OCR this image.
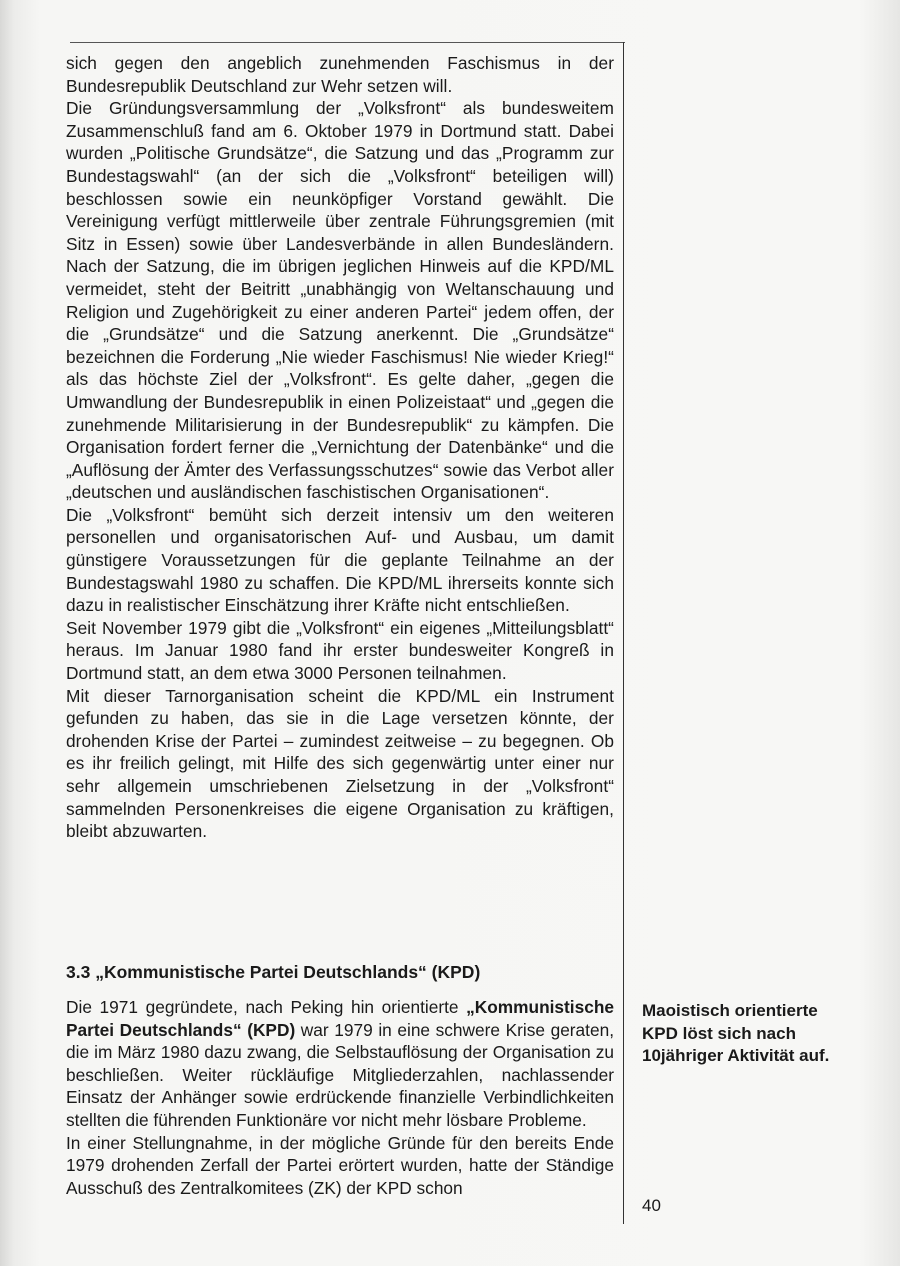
sich gegen den angeblich zunehmenden Faschismus in der Bundesrepublik Deutschland zur Wehr setzen will.

Die Gründungsversammlung der „Volksfront“ als bundesweitem Zusammenschluß fand am 6. Oktober 1979 in Dortmund statt. Dabei wurden „Politische Grundsätze“, die Satzung und das „Programm zur Bundestagswahl“ (an der sich die „Volksfront“ beteiligen will) beschlossen sowie ein neunköpfiger Vorstand gewählt. Die Vereinigung verfügt mittlerweile über zentrale Führungsgremien (mit Sitz in Essen) sowie über Landesverbände in allen Bundesländern. Nach der Satzung, die im übrigen jeglichen Hinweis auf die KPD/ML vermeidet, steht der Beitritt „unabhängig von Weltanschauung und Religion und Zugehörigkeit zu einer anderen Partei“ jedem offen, der die „Grundsätze“ und die Satzung anerkennt. Die „Grundsätze“ bezeichnen die Forderung „Nie wieder Faschismus! Nie wieder Krieg!“ als das höchste Ziel der „Volksfront“. Es gelte daher, „gegen die Umwandlung der Bundesrepublik in einen Polizeistaat“ und „gegen die zunehmende Militarisierung in der Bundesrepublik“ zu kämpfen. Die Organisation fordert ferner die „Vernichtung der Datenbänke“ und die „Auflösung der Ämter des Verfassungsschutzes“ sowie das Verbot aller „deutschen und ausländischen faschistischen Organisationen“.

Die „Volksfront“ bemüht sich derzeit intensiv um den weiteren personellen und organisatorischen Auf- und Ausbau, um damit günstigere Voraussetzungen für die geplante Teilnahme an der Bundestagswahl 1980 zu schaffen. Die KPD/ML ihrerseits konnte sich dazu in realistischer Einschätzung ihrer Kräfte nicht entschließen.

Seit November 1979 gibt die „Volksfront“ ein eigenes „Mitteilungsblatt“ heraus. Im Januar 1980 fand ihr erster bundesweiter Kongreß in Dortmund statt, an dem etwa 3000 Personen teilnahmen.

Mit dieser Tarnorganisation scheint die KPD/ML ein Instrument gefunden zu haben, das sie in die Lage versetzen könnte, der drohenden Krise der Partei – zumindest zeitweise – zu begegnen. Ob es ihr freilich gelingt, mit Hilfe des sich gegenwärtig unter einer nur sehr allgemein umschriebenen Zielsetzung in der „Volksfront“ sammelnden Personenkreises die eigene Organisation zu kräftigen, bleibt abzuwarten.

3.3 „Kommunistische Partei Deutschlands“ (KPD)

Die 1971 gegründete, nach Peking hin orientierte „Kommunistische Partei Deutschlands“ (KPD) war 1979 in eine schwere Krise geraten, die im März 1980 dazu zwang, die Selbstauflösung der Organisation zu beschließen. Weiter rückläufige Mitgliederzahlen, nachlassender Einsatz der Anhänger sowie erdrückende finanzielle Verbindlichkeiten stellten die führenden Funktionäre vor nicht mehr lösbare Probleme.

In einer Stellungnahme, in der mögliche Gründe für den bereits Ende 1979 drohenden Zerfall der Partei erörtert wurden, hatte der Ständige Ausschuß des Zentralkomitees (ZK) der KPD schon

Maoistisch orientierte
KPD löst sich nach
10jähriger Aktivität auf.
40
